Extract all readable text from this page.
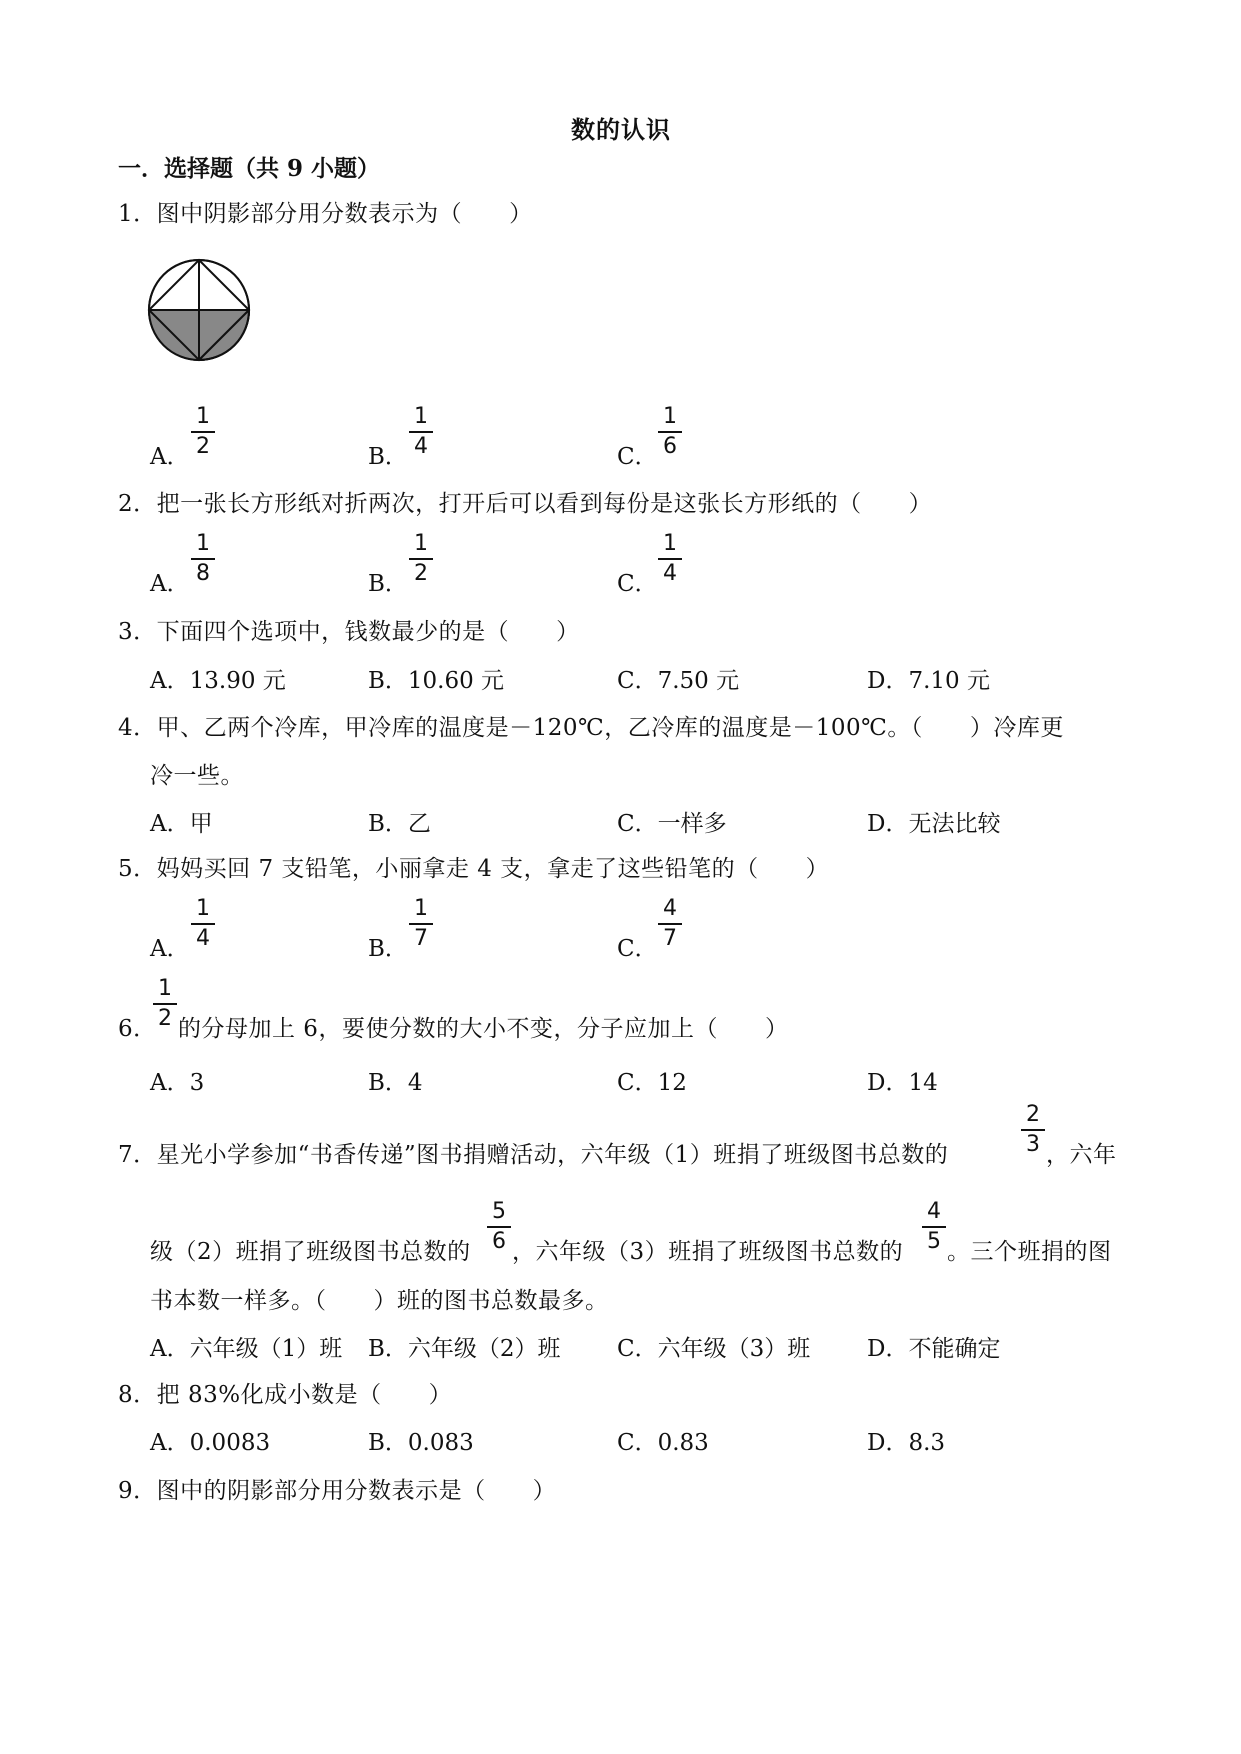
数的认识
一．选择题（共 9 小题）
1．图中阴影部分用分数表示为（　　）
A．
1
2	B．
1
4	C．
1
6
2．把一张长方形纸对折两次，打开后可以看到每份是这张长方形纸的（　　）
A．
1
8	B．
1
2	C．
1
4
3．下面四个选项中，钱数最少的是（　　）
A．13.90 元	B．10.60 元	C．7.50 元	D．7.10 元
4．甲、乙两个冷库，甲冷库的温度是－120℃，乙冷库的温度是－100℃。（　　）冷库更
冷一些。
A．甲	B．乙	C．一样多	D．无法比较
5．妈妈买回 7 支铅笔，小丽拿走 4 支，拿走了这些铅笔的（　　）
A．
1
4	B．
1
7	C．
4
7
6．
1
2 的分母加上 6，要使分数的大小不变，分子应加上（　　）
A．3	B．4	C．12	D．14
7．星光小学参加“书香传递”图书捐赠活动，六年级（1）班捐了班级图书总数的
2
3 ，六年
级（2）班捐了班级图书总数的
5
6 ，六年级（3）班捐了班级图书总数的
4
5 。三个班捐的图
书本数一样多。（　　）班的图书总数最多。
A．六年级（1）班 B．六年级（2）班 C．六年级（3）班 D．不能确定
8．把 83%化成小数是（　　）
A．0.0083	B．0.083	C．0.83	D．8.3
9．图中的阴影部分用分数表示是（　　）
